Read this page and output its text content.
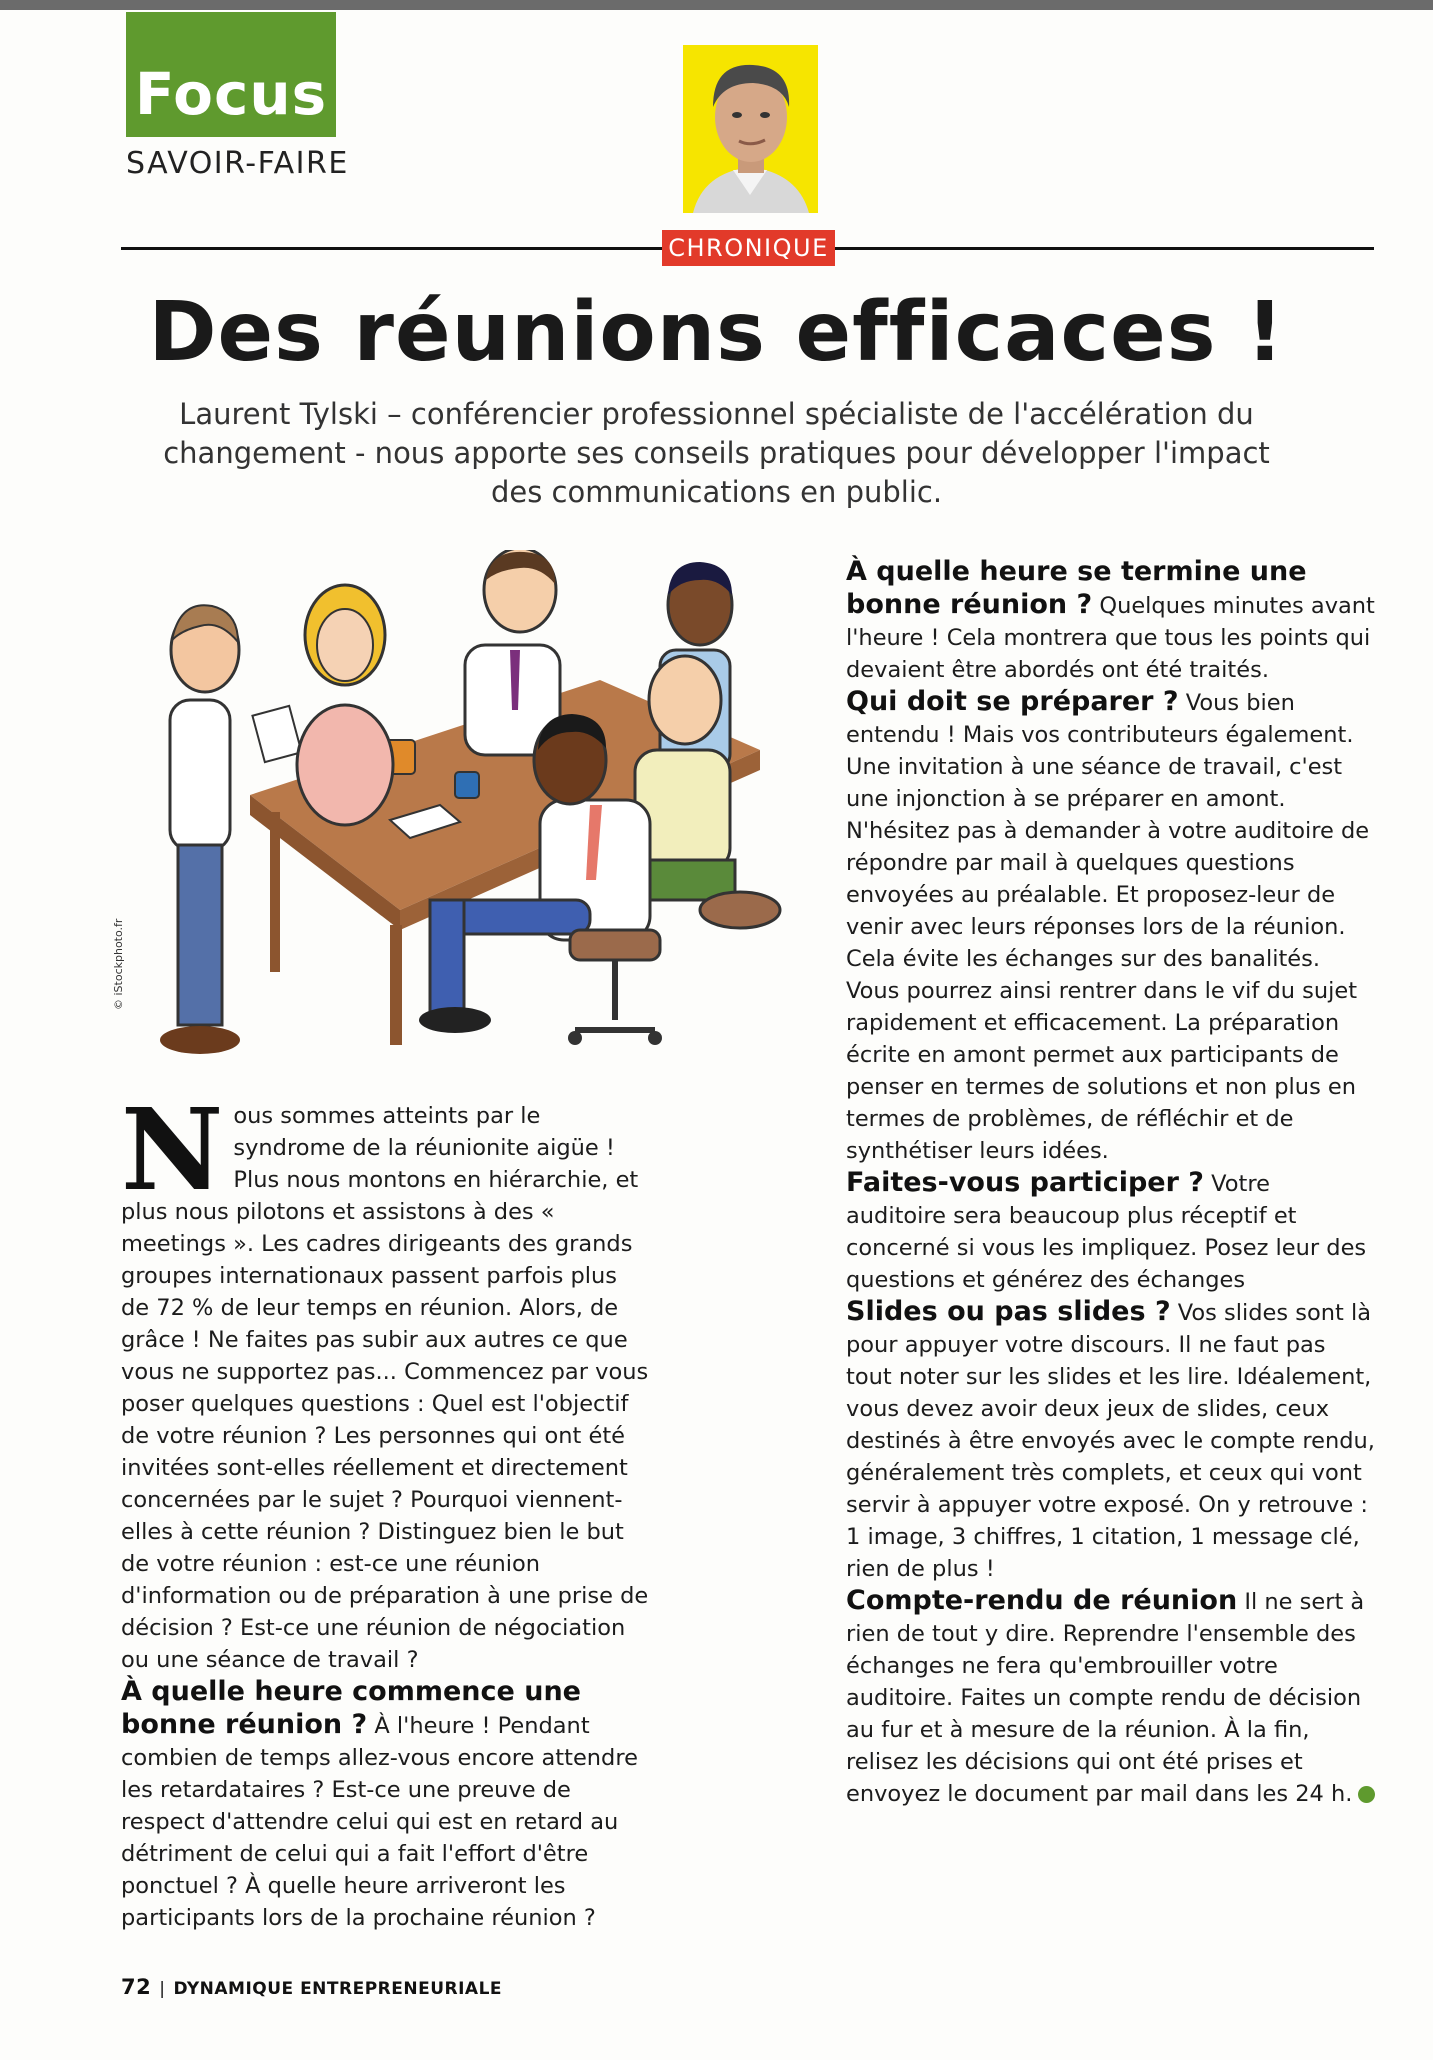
Focus
SAVOIR-FAIRE
CHRONIQUE
Des réunions efficaces !
Laurent Tylski – conférencier professionnel spécialiste de l'accélération du changement - nous apporte ses conseils pratiques pour développer l'impact des communications en public.
© iStockphoto.fr

N ous sommes atteints par le syndrome de la réunionite aigüe ! Plus nous montons en hiérarchie, et plus nous pilotons et assistons à des « meetings ». Les cadres dirigeants des grands groupes internationaux passent parfois plus de 72 % de leur temps en réunion. Alors, de grâce ! Ne faites pas subir aux autres ce que vous ne supportez pas... Commencez par vous poser quelques questions : Quel est l'objectif de votre réunion ? Les personnes qui ont été invitées sont-elles réellement et directement concernées par le sujet ? Pourquoi viennent-elles à cette réunion ? Distinguez bien le but de votre réunion : est-ce une réunion d'information ou de préparation à une prise de décision ? Est-ce une réunion de négociation ou une séance de travail ?

À quelle heure commence une bonne réunion ? À l'heure ! Pendant combien de temps allez-vous encore attendre les retardataires ? Est-ce une preuve de respect d'attendre celui qui est en retard au détriment de celui qui a fait l'effort d'être ponctuel ? À quelle heure arriveront les participants lors de la prochaine réunion ?

À quelle heure se termine une bonne réunion ? Quelques minutes avant l'heure ! Cela montrera que tous les points qui devaient être abordés ont été traités.

Qui doit se préparer ? Vous bien entendu ! Mais vos contributeurs également. Une invitation à une séance de travail, c'est une injonction à se préparer en amont. N'hésitez pas à demander à votre auditoire de répondre par mail à quelques questions envoyées au préalable. Et proposez-leur de venir avec leurs réponses lors de la réunion. Cela évite les échanges sur des banalités. Vous pourrez ainsi rentrer dans le vif du sujet rapidement et efficacement. La préparation écrite en amont permet aux participants de penser en termes de solutions et non plus en termes de problèmes, de réfléchir et de synthétiser leurs idées.

Faites-vous participer ? Votre auditoire sera beaucoup plus réceptif et concerné si vous les impliquez. Posez leur des questions et générez des échanges

Slides ou pas slides ? Vos slides sont là pour appuyer votre discours. Il ne faut pas tout noter sur les slides et les lire. Idéalement, vous devez avoir deux jeux de slides, ceux destinés à être envoyés avec le compte rendu, généralement très complets, et ceux qui vont servir à appuyer votre exposé. On y retrouve : 1 image, 3 chiffres, 1 citation, 1 message clé, rien de plus !

Compte-rendu de réunion Il ne sert à rien de tout y dire. Reprendre l'ensemble des échanges ne fera qu'embrouiller votre auditoire. Faites un compte rendu de décision au fur et à mesure de la réunion. À la fin, relisez les décisions qui ont été prises et envoyez le document par mail dans les 24 h.

72 | DYNAMIQUE ENTREPRENEURIALE
